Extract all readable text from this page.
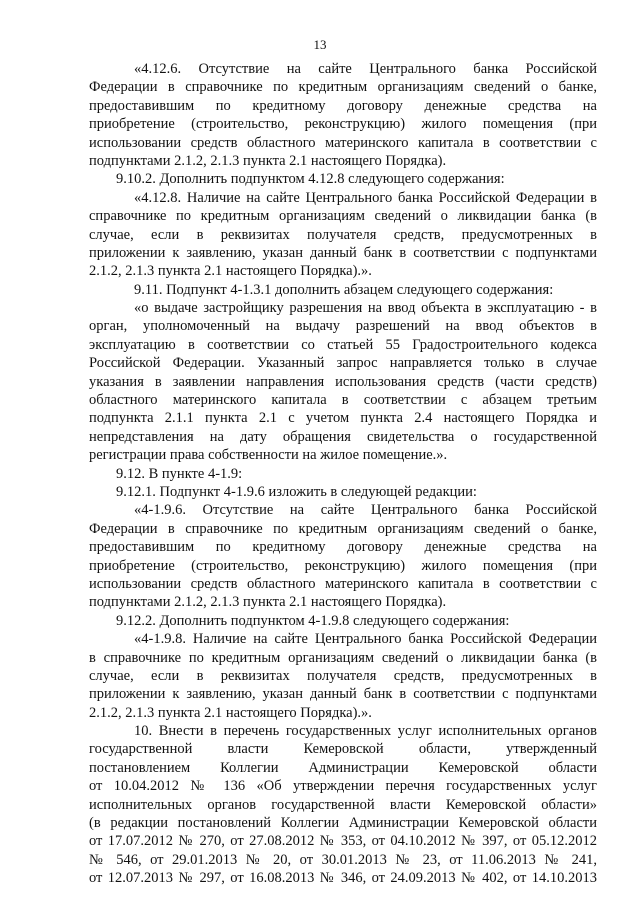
13
«4.12.6. Отсутствие на сайте Центрального банка Российской
Федерации в справочнике по кредитным организациям сведений о банке,
предоставившим по кредитному договору денежные средства на
приобретение (строительство, реконструкцию) жилого помещения (при
использовании средств областного материнского капитала в соответствии с
подпунктами 2.1.2, 2.1.3 пункта 2.1 настоящего Порядка).
9.10.2. Дополнить подпунктом 4.12.8 следующего содержания:
«4.12.8. Наличие на сайте Центрального банка Российской Федерации в
справочнике по кредитным организациям сведений о ликвидации банка (в
случае, если в реквизитах получателя средств, предусмотренных в
приложении к заявлению, указан данный банк в соответствии с подпунктами
2.1.2, 2.1.3 пункта 2.1 настоящего Порядка).».
9.11. Подпункт 4-1.3.1 дополнить абзацем следующего содержания:
«о выдаче застройщику разрешения на ввод объекта в эксплуатацию - в
орган, уполномоченный на выдачу разрешений на ввод объектов в
эксплуатацию в соответствии со статьей 55 Градостроительного кодекса
Российской Федерации. Указанный запрос направляется только в случае
указания в заявлении направления использования средств (части средств)
областного материнского капитала в соответствии с абзацем третьим
подпункта 2.1.1 пункта 2.1 с учетом пункта 2.4 настоящего Порядка и
непредставления на дату обращения свидетельства о государственной
регистрации права собственности на жилое помещение.».
9.12. В пункте 4-1.9:
9.12.1. Подпункт 4-1.9.6 изложить в следующей редакции:
«4-1.9.6. Отсутствие на сайте Центрального банка Российской
Федерации в справочнике по кредитным организациям сведений о банке,
предоставившим по кредитному договору денежные средства на
приобретение (строительство, реконструкцию) жилого помещения (при
использовании средств областного материнского капитала в соответствии с
подпунктами 2.1.2, 2.1.3 пункта 2.1 настоящего Порядка).
9.12.2. Дополнить подпунктом 4-1.9.8 следующего содержания:
«4-1.9.8. Наличие на сайте Центрального банка Российской Федерации
в справочнике по кредитным организациям сведений о ликвидации банка (в
случае, если в реквизитах получателя средств, предусмотренных в
приложении к заявлению, указан данный банк в соответствии с подпунктами
2.1.2, 2.1.3 пункта 2.1 настоящего Порядка).».
10. Внести в перечень государственных услуг исполнительных органов
государственной власти Кемеровской области, утвержденный
постановлением Коллегии Администрации Кемеровской области
от 10.04.2012 № 136 «Об утверждении перечня государственных услуг
исполнительных органов государственной власти Кемеровской области»
(в редакции постановлений Коллегии Администрации Кемеровской области
от 17.07.2012 № 270, от 27.08.2012 № 353, от 04.10.2012 № 397, от 05.12.2012
№ 546, от 29.01.2013 № 20, от 30.01.2013 № 23, от 11.06.2013 № 241,
от 12.07.2013 № 297, от 16.08.2013 № 346, от 24.09.2013 № 402, от 14.10.2013
